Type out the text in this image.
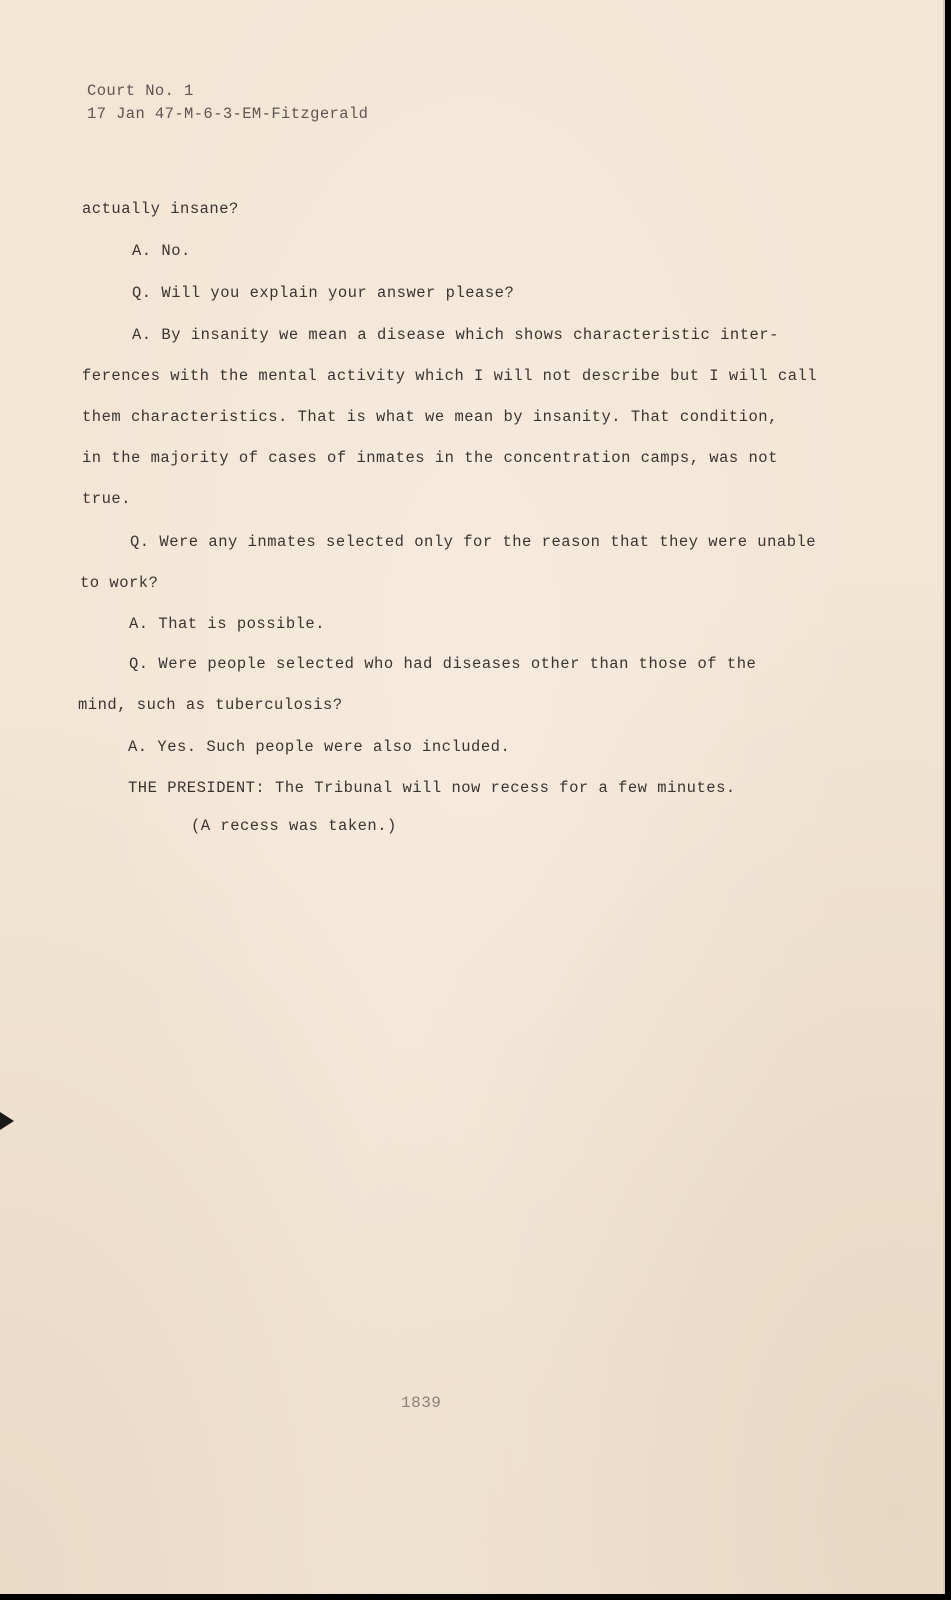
Court No. 1
17 Jan 47-M-6-3-EM-Fitzgerald
actually insane?
A. No.
Q. Will you explain your answer please?
A. By insanity we mean a disease which shows characteristic inter-
ferences with the mental activity which I will not describe but I will call
them characteristics. That is what we mean by insanity. That condition,
in the majority of cases of inmates in the concentration camps, was not
true.
Q. Were any inmates selected only for the reason that they were unable
to work?
A. That is possible.
Q. Were people selected who had diseases other than those of the
mind, such as tuberculosis?
A. Yes. Such people were also included.
THE PRESIDENT: The Tribunal will now recess for a few minutes.
(A recess was taken.)
1839
